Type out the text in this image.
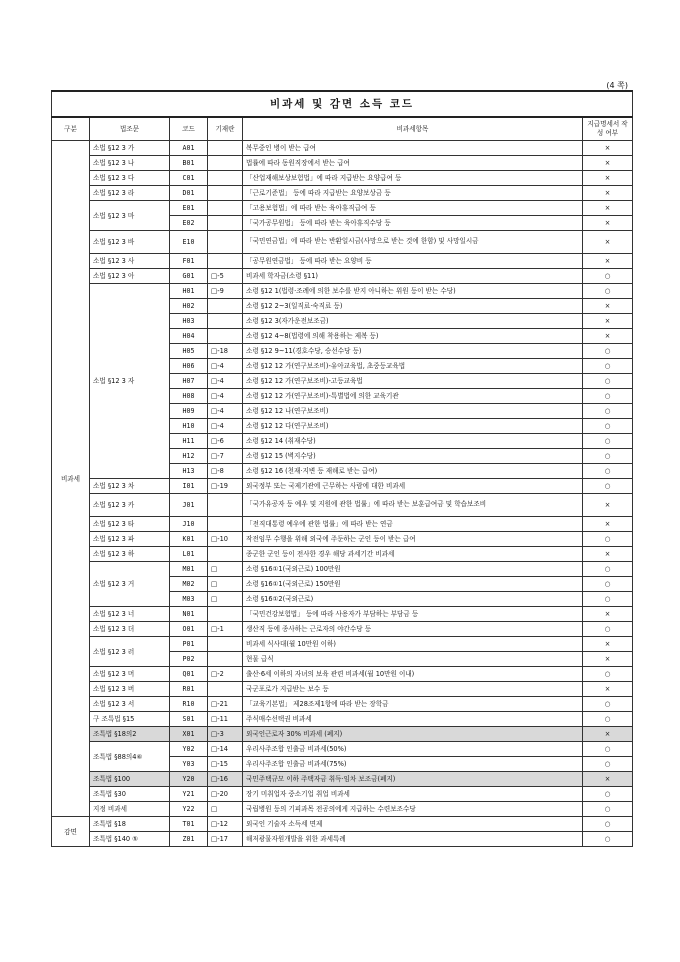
(4 쪽)
비과세 및 감면 소득 코드					
구분	법조문	코드	기재란	비과세항목	지급명세서 작성 여부
비과세	소법 §12 3 가	A01		복무중인 병이 받는 급여	×
	소법 §12 3 나	B01		법률에 따라 동원직장에서 받는 급여	×
	소법 §12 3 다	C01		「산업재해보상보험법」에 따라 지급받는 요양급여 등	×
	소법 §12 3 라	D01		「근로기준법」 등에 따라 지급받는 요양보상금 등	×
	소법 §12 3 마	E01		「고용보험법」에 따라 받는 육아휴직급여 등	×
		E02		「국가공무원법」 등에 따라 받는 육아휴직수당 등	×
	소법 §12 3 바	E10		「국민연금법」에 따라 받는 반환일시금(사망으로 받는 것에 한함) 및 사망일시금	×
	소법 §12 3 사	F01		「공무원연금법」 등에 따라 받는 요양비 등	×
	소법 §12 3 아	G01	□-5	비과세 학자금(소령 §11)	○
	소법 §12 3 자	H01	□-9	소령 §12 1(법령·조례에 의한 보수를 받지 아니하는 위원 등이 받는 수당)	○
		H02		소령 §12 2~3(일직료·숙직료 등)	×
		H03		소령 §12 3(자가운전보조금)	×
		H04		소령 §12 4~8(법령에 의해 착용하는 제복 등)	×
		H05	□-18	소령 §12 9~11(경호수당, 승선수당 등)	○
		H06	□-4	소령 §12 12 가(연구보조비)-유아교육법, 초중등교육법	○
		H07	□-4	소령 §12 12 가(연구보조비)-고등교육법	○
		H08	□-4	소령 §12 12 가(연구보조비)-특별법에 의한 교육기관	○
		H09	□-4	소령 §12 12 나(연구보조비)	○
		H10	□-4	소령 §12 12 다(연구보조비)	○
		H11	□-6	소령 §12 14 (취재수당)	○
		H12	□-7	소령 §12 15 (벽지수당)	○
		H13	□-8	소령 §12 16 (천재·지변 등 재해로 받는 급여)	○
	소법 §12 3 차	I01	□-19	외국정부 또는 국제기관에 근무하는 사람에 대한 비과세	○
	소법 §12 3 카	J01		「국가유공자 등 예우 및 지원에 관한 법률」에 따라 받는 보훈급여금 및 학습보조비	×
	소법 §12 3 타	J10		「전직대통령 예우에 관한 법률」에 따라 받는 연금	×
	소법 §12 3 파	K01	□-10	작전임무 수행을 위해 외국에 주둔하는 군인 등이 받는 급여	○
	소법 §12 3 하	L01		종군한 군인 등이 전사한 경우 해당 과세기간 비과세	×
	소법 §12 3 거	M01	□	소령 §16①1(국외근로) 100만원	○
		M02	□	소령 §16①1(국외근로) 150만원	○
		M03	□	소령 §16①2(국외근로)	○
	소법 §12 3 너	N01		「국민건강보험법」 등에 따라 사용자가 부담하는 부담금 등	×
	소법 §12 3 더	O01	□-1	생산직 등에 종사하는 근로자의 야간수당 등	○
	소법 §12 3 러	P01		비과세 식사대(월 10만원 이하)	×
		P02		현물 급식	×
	소법 §12 3 머	Q01	□-2	출산·6세 이하의 자녀의 보육 관련 비과세(월 10만원 이내)	○
	소법 §12 3 버	R01		국군포로가 지급받는 보수 등	×
	소법 §12 3 서	R10	□-21	「교육기본법」 제28조제1항에 따라 받는 장학금	○
	구 조특법 §15	S01	□-11	주식매수선택권 비과세	○
	조특법 §18의2	X01	□-3	외국인근로자 30% 비과세 (폐지)	×
	조특법 §88의4⑥	Y02	□-14	우리사주조합 인출금 비과세(50%)	○
		Y03	□-15	우리사주조합 인출금 비과세(75%)	○
	조특법 §100	Y20	□-16	국민주택규모 이하 주택자금 취득·임차 보조금(폐지)	×
	조특법 §30	Y21	□-20	장기 미취업자 중소기업 취업 비과세	○
	지정 비과세	Y22	□	국립병원 등의 기피과목 전공의에게 지급하는 수련보조수당	○
감면	조특법 §18	T01	□-12	외국인 기술자 소득세 면제	○
	조특법 §140 ⑤	Z01	□-17	해저광물자원개발을 위한 과세특례	○
